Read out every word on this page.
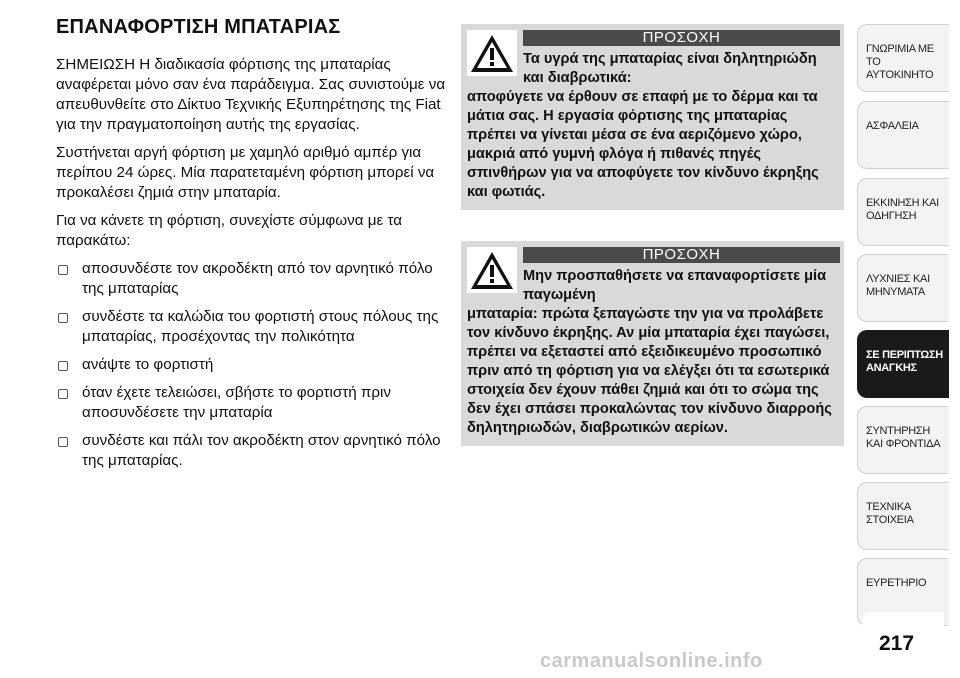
ΕΠΑΝΑΦΟΡΤΙΣΗ ΜΠΑΤΑΡΙΑΣ

ΣΗΜΕΙΩΣΗ Η διαδικασία φόρτισης της μπαταρίας αναφέρεται μόνο σαν ένα παράδειγμα. Σας συνιστούμε να απευθυνθείτε στο Δίκτυο Τεχνικής Εξυπηρέτησης της Fiat για την πραγματοποίηση αυτής της εργασίας.

Συστήνεται αργή φόρτιση με χαμηλό αριθμό αμπέρ για περίπου 24 ώρες. Μία παρατεταμένη φόρτιση μπορεί να προκαλέσει ζημιά στην μπαταρία.

Για να κάνετε τη φόρτιση, συνεχίστε σύμφωνα με τα παρακάτω:

αποσυνδέστε τον ακροδέκτη από τον αρνητικό πόλο της μπαταρίας
συνδέστε τα καλώδια του φορτιστή στους πόλους της μπαταρίας, προσέχοντας την πολικότητα
ανάψτε το φορτιστή
όταν έχετε τελειώσει, σβήστε το φορτιστή πριν αποσυνδέσετε την μπαταρία
συνδέστε και πάλι τον ακροδέκτη στον αρνητικό πόλο της μπαταρίας.
ΠΡΟΣΟΧΗ
Τα υγρά της μπαταρίας είναι δηλητηριώδη και διαβρωτικά:
αποφύγετε να έρθουν σε επαφή με το δέρμα και τα μάτια σας. Η εργασία φόρτισης της μπαταρίας πρέπει να γίνεται μέσα σε ένα αεριζόμενο χώρο, μακριά από γυμνή φλόγα ή πιθανές πηγές σπινθήρων για να αποφύγετε τον κίνδυνο έκρηξης και φωτιάς.
ΠΡΟΣΟΧΗ
Μην προσπαθήσετε να επαναφορτίσετε μία παγωμένη
μπαταρία: πρώτα ξεπαγώστε την για να προλάβετε τον κίνδυνο έκρηξης. Αν μία μπαταρία έχει παγώσει, πρέπει να εξεταστεί από εξειδικευμένο προσωπικό πριν από τη φόρτιση για να ελέγξει ότι τα εσωτερικά στοιχεία δεν έχουν πάθει ζημιά και ότι το σώμα της δεν έχει σπάσει προκαλώντας τον κίνδυνο διαρροής δηλητηριωδών, διαβρωτικών αερίων.
ΓΝΩΡΙΜΙΑ ΜΕ ΤΟ ΑΥΤΟΚΙΝΗΤΟ
ΑΣΦΑΛΕΙΑ
ΕΚΚΙΝΗΣΗ ΚΑΙ ΟΔΗΓΗΣΗ
ΛΥΧΝΙΕΣ ΚΑΙ ΜΗΝΥΜΑΤΑ
ΣΕ ΠΕΡΙΠΤΩΣΗ ΑΝΑΓΚΗΣ
ΣΥΝΤΗΡΗΣΗ ΚΑΙ ΦΡΟΝΤΙΔΑ
ΤΕΧΝΙΚΑ ΣΤΟΙΧΕΙΑ
ΕΥΡΕΤΗΡΙΟ
217
carmanualsonline.info
